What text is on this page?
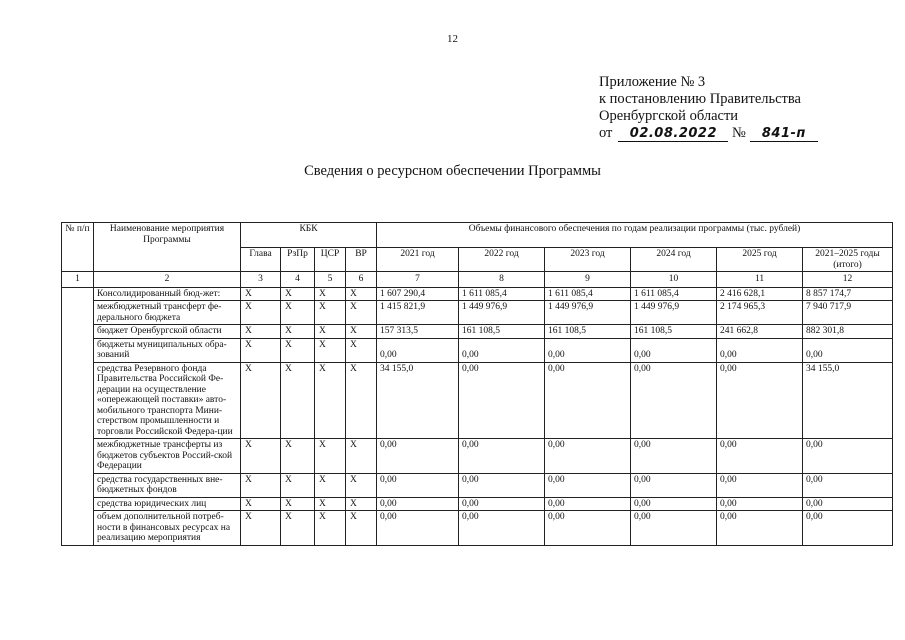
12
Приложение № 3
к постановлению Правительства
Оренбургской области
от 02.08.2022 № 841-п
Сведения о ресурсном обеспечении Программы
№ п/п	Наименование мероприятия Программы	КБК				Объемы финансового обеспечения по годам реализации программы (тыс. рублей)					
		Глава	РзПр	ЦСР	ВР	2021 год	2022 год	2023 год	2024 год	2025 год	2021–2025 годы (итого)
1	2	3	4	5	6	7	8	9	10	11	12
	Консолидированный бюд-жет:	X	X	X	X	1 607 290,4	1 611 085,4	1 611 085,4	1 611 085,4	2 416 628,1	8 857 174,7
	межбюджетный трансферт фе-дерального бюджета	X	X	X	X	1 415 821,9	1 449 976,9	1 449 976,9	1 449 976,9	2 174 965,3	7 940 717,9
	бюджет Оренбургской области	X	X	X	X	157 313,5	161 108,5	161 108,5	161 108,5	241 662,8	882 301,8
	бюджеты муниципальных обра-зований	X	X	X	X	0,00	0,00	0,00	0,00	0,00	0,00
	средства Резервного фонда Правительства Российской Фе-дерации на осуществление «опережающей поставки» авто-мобильного транспорта Мини-стерством промышленности и торговли Российской Федера-ции	X	X	X	X	34 155,0	0,00	0,00	0,00	0,00	34 155,0
	межбюджетные трансферты из бюджетов субъектов Россий-ской Федерации	X	X	X	X	0,00	0,00	0,00	0,00	0,00	0,00
	средства государственных вне-бюджетных фондов	X	X	X	X	0,00	0,00	0,00	0,00	0,00	0,00
	средства юридических лиц	X	X	X	X	0,00	0,00	0,00	0,00	0,00	0,00
	объем дополнительной потреб-ности в финансовых ресурсах на реализацию мероприятия	X	X	X	X	0,00	0,00	0,00	0,00	0,00	0,00
